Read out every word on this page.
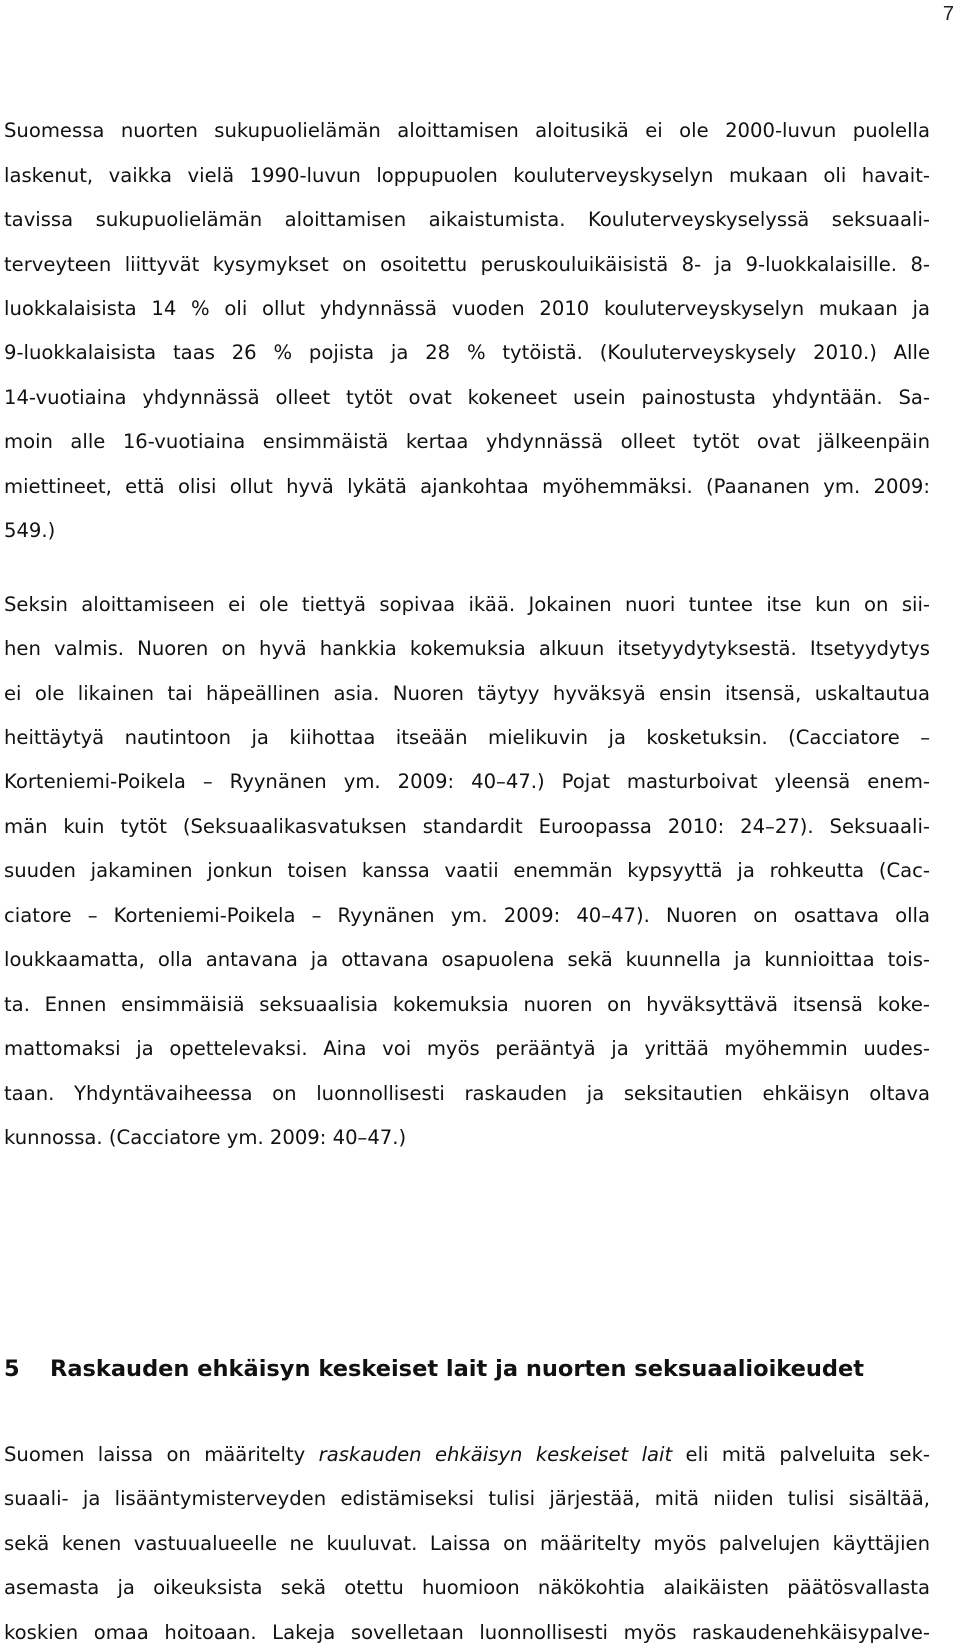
7
Suomessa nuorten sukupuolielämän aloittamisen aloitusikä ei ole 2000-luvun puolella
laskenut, vaikka vielä 1990-luvun loppupuolen kouluterveyskyselyn mukaan oli havait-
tavissa sukupuolielämän aloittamisen aikaistumista. Kouluterveyskyselyssä seksuaali-
terveyteen liittyvät kysymykset on osoitettu peruskouluikäisistä 8- ja 9-luokkalaisille. 8-
luokkalaisista 14 % oli ollut yhdynnässä vuoden 2010 kouluterveyskyselyn mukaan ja
9-luokkalaisista taas 26 % pojista ja 28 % tytöistä. (Kouluterveyskysely 2010.) Alle
14-vuotiaina yhdynnässä olleet tytöt ovat kokeneet usein painostusta yhdyntään. Sa-
moin alle 16-vuotiaina ensimmäistä kertaa yhdynnässä olleet tytöt ovat jälkeenpäin
miettineet, että olisi ollut hyvä lykätä ajankohtaa myöhemmäksi. (Paananen ym. 2009:
549.)
Seksin aloittamiseen ei ole tiettyä sopivaa ikää. Jokainen nuori tuntee itse kun on sii-
hen valmis. Nuoren on hyvä hankkia kokemuksia alkuun itsetyydytyksestä. Itsetyydytys
ei ole likainen tai häpeällinen asia. Nuoren täytyy hyväksyä ensin itsensä, uskaltautua
heittäytyä nautintoon ja kiihottaa itseään mielikuvin ja kosketuksin. (Cacciatore –
Korteniemi-Poikela – Ryynänen ym. 2009: 40–47.) Pojat masturboivat yleensä enem-
män kuin tytöt (Seksuaalikasvatuksen standardit Euroopassa 2010: 24–27). Seksuaali-
suuden jakaminen jonkun toisen kanssa vaatii enemmän kypsyyttä ja rohkeutta (Cac-
ciatore – Korteniemi-Poikela – Ryynänen ym. 2009: 40–47). Nuoren on osattava olla
loukkaamatta, olla antavana ja ottavana osapuolena sekä kuunnella ja kunnioittaa tois-
ta. Ennen ensimmäisiä seksuaalisia kokemuksia nuoren on hyväksyttävä itsensä koke-
mattomaksi ja opettelevaksi. Aina voi myös perääntyä ja yrittää myöhemmin uudes-
taan. Yhdyntävaiheessa on luonnollisesti raskauden ja seksitautien ehkäisyn oltava
kunnossa. (Cacciatore ym. 2009: 40–47.)
5 Raskauden ehkäisyn keskeiset lait ja nuorten seksuaalioikeudet
Suomen laissa on määritelty raskauden ehkäisyn keskeiset lait eli mitä palveluita sek-
suaali- ja lisääntymisterveyden edistämiseksi tulisi järjestää, mitä niiden tulisi sisältää,
sekä kenen vastuualueelle ne kuuluvat. Laissa on määritelty myös palvelujen käyttäjien
asemasta ja oikeuksista sekä otettu huomioon näkökohtia alaikäisten päätösvallasta
koskien omaa hoitoaan. Lakeja sovelletaan luonnollisesti myös raskaudenehkäisypalve-
